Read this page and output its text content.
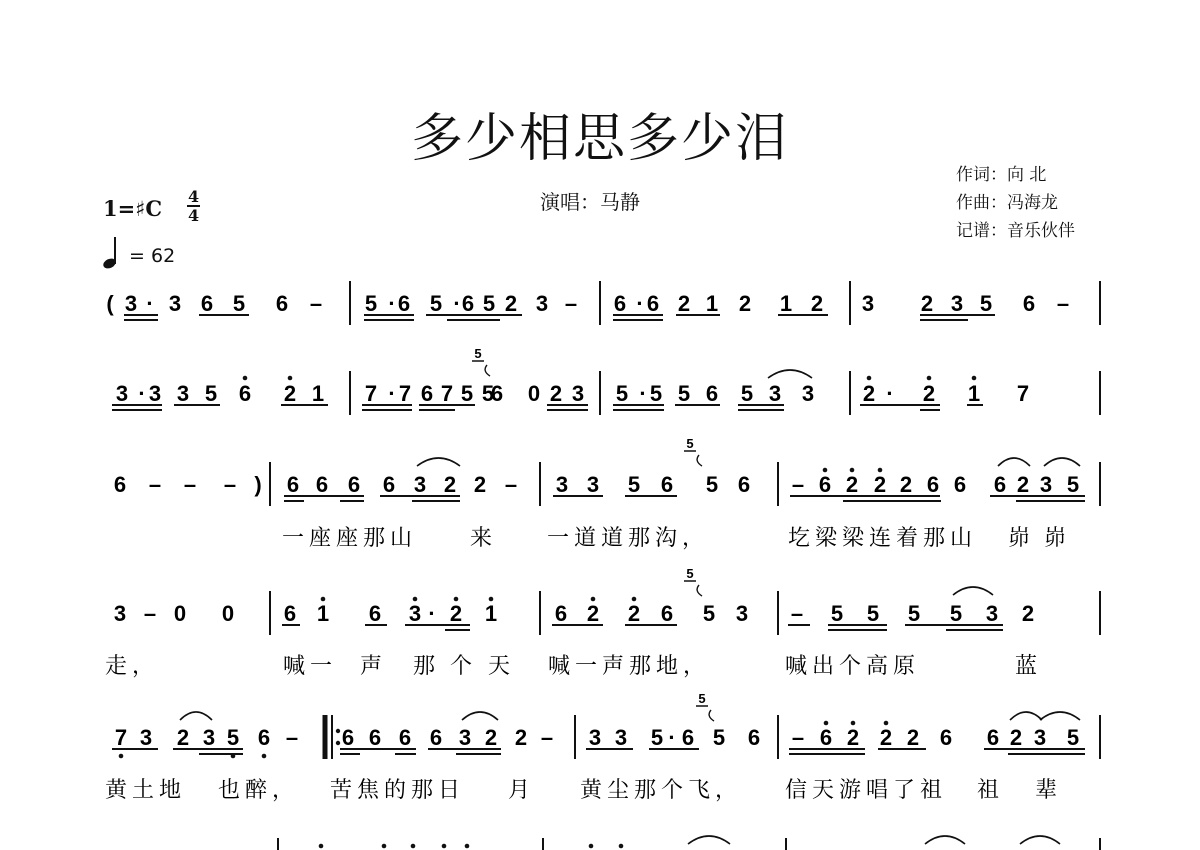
多少相思多少泪
演唱：马静
作词：向 北
作曲：冯海龙
记谱：音乐伙伴
1=♯C $\frac{4}{4}$
= 62
( 3 · 3 6 5 6 – 5 · 6 5 · 6 5 2 3 – 6 · 6 2 1 2 1 2 3 2 3 5 6 –
3 · 3 3 5 6 2 1 7 · 7 6 7 5 5
6 0 2 3 5 · 5 5 6 5 3 3 2 · 2 1 7
5
6 – – – ) 6 6 6 6 3 2 2 – 3 3 5 6 5 6 – 6 2 2 2 6 6 6 2 3 5
5
3 – 0 0 6 1 6 3 · 2 1	6 2 2 6 5 3 – 5 5 5 5 3 2
5
7 3 2 3 5 6 – 6 6 6 6 3 2 2 – 3 3 5 · 6 5 6 – 6 2 2 2 6 6 2 3 5
5
一座座那山 来 一道道那沟，	圪梁梁连着那山 峁 峁
走，	喊一 声 那 个 天 喊一声那地，	喊出个高原	蓝
黄土地 也醉， 苦焦的那日 月 黄尘那个飞， 信天游唱了祖 祖 辈
